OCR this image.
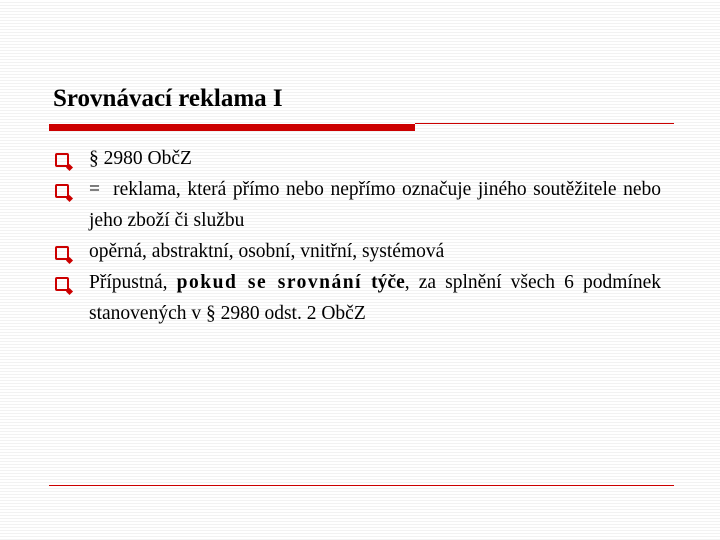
Srovnávací reklama I
§ 2980 ObčZ
=  reklama, která přímo nebo nepřímo označuje jiného soutěžitele nebo jeho zboží či službu
opěrná, abstraktní, osobní, vnitřní, systémová
Přípustná, pokud se srovnání týče, za splnění všech 6 podmínek stanovených v § 2980 odst. 2 ObčZ
